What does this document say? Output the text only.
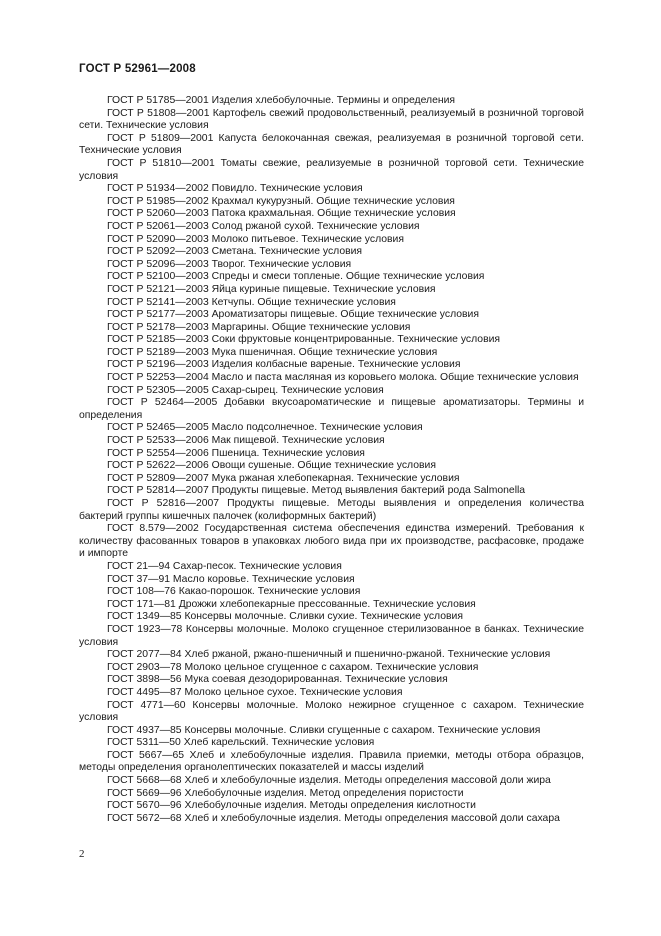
ГОСТ Р 52961—2008
ГОСТ Р 51785—2001 Изделия хлебобулочные. Термины и определения
ГОСТ Р 51808—2001 Картофель свежий продовольственный, реализуемый в розничной торговой сети. Технические условия
ГОСТ Р 51809—2001 Капуста белокочанная свежая, реализуемая в розничной торговой сети. Технические условия
ГОСТ Р 51810—2001 Томаты свежие, реализуемые в розничной торговой сети. Технические условия
ГОСТ Р 51934—2002 Повидло. Технические условия
ГОСТ Р 51985—2002 Крахмал кукурузный. Общие технические условия
ГОСТ Р 52060—2003 Патока крахмальная. Общие технические условия
ГОСТ Р 52061—2003 Солод ржаной сухой. Технические условия
ГОСТ Р 52090—2003 Молоко питьевое. Технические условия
ГОСТ Р 52092—2003 Сметана. Технические условия
ГОСТ Р 52096—2003 Творог. Технические условия
ГОСТ Р 52100—2003 Спреды и смеси топленые. Общие технические условия
ГОСТ Р 52121—2003 Яйца куриные пищевые. Технические условия
ГОСТ Р 52141—2003 Кетчупы. Общие технические условия
ГОСТ Р 52177—2003 Ароматизаторы пищевые. Общие технические условия
ГОСТ Р 52178—2003 Маргарины. Общие технические условия
ГОСТ Р 52185—2003 Соки фруктовые концентрированные. Технические условия
ГОСТ Р 52189—2003 Мука пшеничная. Общие технические условия
ГОСТ Р 52196—2003 Изделия колбасные вареные. Технические условия
ГОСТ Р 52253—2004 Масло и паста масляная из коровьего молока. Общие технические условия
ГОСТ Р 52305—2005 Сахар-сырец. Технические условия
ГОСТ Р 52464—2005 Добавки вкусоароматические и пищевые ароматизаторы. Термины и определения
ГОСТ Р 52465—2005 Масло подсолнечное. Технические условия
ГОСТ Р 52533—2006 Мак пищевой. Технические условия
ГОСТ Р 52554—2006 Пшеница. Технические условия
ГОСТ Р 52622—2006 Овощи сушеные. Общие технические условия
ГОСТ Р 52809—2007 Мука ржаная хлебопекарная. Технические условия
ГОСТ Р 52814—2007 Продукты пищевые. Метод выявления бактерий рода Salmonella
ГОСТ Р 52816—2007 Продукты пищевые. Методы выявления и определения количества бактерий группы кишечных палочек (колиформных бактерий)
ГОСТ 8.579—2002 Государственная система обеспечения единства измерений. Требования к количеству фасованных товаров в упаковках любого вида при их производстве, расфасовке, продаже и импорте
ГОСТ 21—94 Сахар-песок. Технические условия
ГОСТ 37—91 Масло коровье. Технические условия
ГОСТ 108—76 Какао-порошок. Технические условия
ГОСТ 171—81 Дрожжи хлебопекарные прессованные. Технические условия
ГОСТ 1349—85 Консервы молочные. Сливки сухие. Технические условия
ГОСТ 1923—78 Консервы молочные. Молоко сгущенное стерилизованное в банках. Технические условия
ГОСТ 2077—84 Хлеб ржаной, ржано-пшеничный и пшенично-ржаной. Технические условия
ГОСТ 2903—78 Молоко цельное сгущенное с сахаром. Технические условия
ГОСТ 3898—56 Мука соевая дезодорированная. Технические условия
ГОСТ 4495—87 Молоко цельное сухое. Технические условия
ГОСТ 4771—60 Консервы молочные. Молоко нежирное сгущенное с сахаром. Технические условия
ГОСТ 4937—85 Консервы молочные. Сливки сгущенные с сахаром. Технические условия
ГОСТ 5311—50 Хлеб карельский. Технические условия
ГОСТ 5667—65 Хлеб и хлебобулочные изделия. Правила приемки, методы отбора образцов, методы определения органолептических показателей и массы изделий
ГОСТ 5668—68 Хлеб и хлебобулочные изделия. Методы определения массовой доли жира
ГОСТ 5669—96 Хлебобулочные изделия. Метод определения пористости
ГОСТ 5670—96 Хлебобулочные изделия. Методы определения кислотности
ГОСТ 5672—68 Хлеб и хлебобулочные изделия. Методы определения массовой доли сахара
2
